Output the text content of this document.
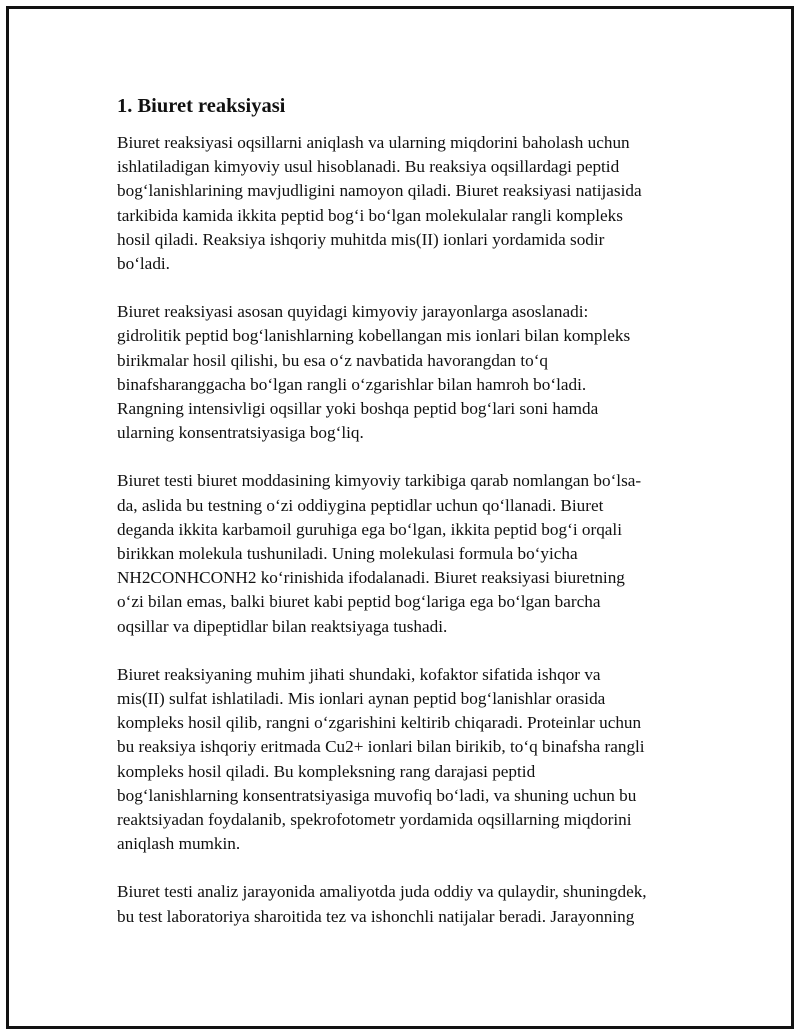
1. Biuret reaksiyasi

Biuret reaksiyasi oqsillarni aniqlash va ularning miqdorini baholash uchun
ishlatiladigan kimyoviy usul hisoblanadi. Bu reaksiya oqsillardagi peptid
bogʻlanishlarining mavjudligini namoyon qiladi. Biuret reaksiyasi natijasida
tarkibida kamida ikkita peptid bogʻi boʻlgan molekulalar rangli kompleks
hosil qiladi. Reaksiya ishqoriy muhitda mis(II) ionlari yordamida sodir
boʻladi.

Biuret reaksiyasi asosan quyidagi kimyoviy jarayonlarga asoslanadi:
gidrolitik peptid bogʻlanishlarning kobellangan mis ionlari bilan kompleks
birikmalar hosil qilishi, bu esa oʻz navbatida havorangdan toʻq
binafsharanggacha boʻlgan rangli oʻzgarishlar bilan hamroh boʻladi.
Rangning intensivligi oqsillar yoki boshqa peptid bogʻlari soni hamda
ularning konsentratsiyasiga bogʻliq.

Biuret testi biuret moddasining kimyoviy tarkibiga qarab nomlangan boʻlsa-
da, aslida bu testning oʻzi oddiygina peptidlar uchun qoʻllanadi. Biuret
deganda ikkita karbamoil guruhiga ega boʻlgan, ikkita peptid bogʻi orqali
birikkan molekula tushuniladi. Uning molekulasi formula boʻyicha
NH2CONHCONH2 koʻrinishida ifodalanadi. Biuret reaksiyasi biuretning
oʻzi bilan emas, balki biuret kabi peptid bogʻlariga ega boʻlgan barcha
oqsillar va dipeptidlar bilan reaktsiyaga tushadi.

Biuret reaksiyaning muhim jihati shundaki, kofaktor sifatida ishqor va
mis(II) sulfat ishlatiladi. Mis ionlari aynan peptid bogʻlanishlar orasida
kompleks hosil qilib, rangni oʻzgarishini keltirib chiqaradi. Proteinlar uchun
bu reaksiya ishqoriy eritmada Cu2+ ionlari bilan birikib, toʻq binafsha rangli
kompleks hosil qiladi. Bu kompleksning rang darajasi peptid
bogʻlanishlarning konsentratsiyasiga muvofiq boʻladi, va shuning uchun bu
reaktsiyadan foydalanib, spekrofotometr yordamida oqsillarning miqdorini
aniqlash mumkin.

Biuret testi analiz jarayonida amaliyotda juda oddiy va qulaydir, shuningdek,
bu test laboratoriya sharoitida tez va ishonchli natijalar beradi. Jarayonning
